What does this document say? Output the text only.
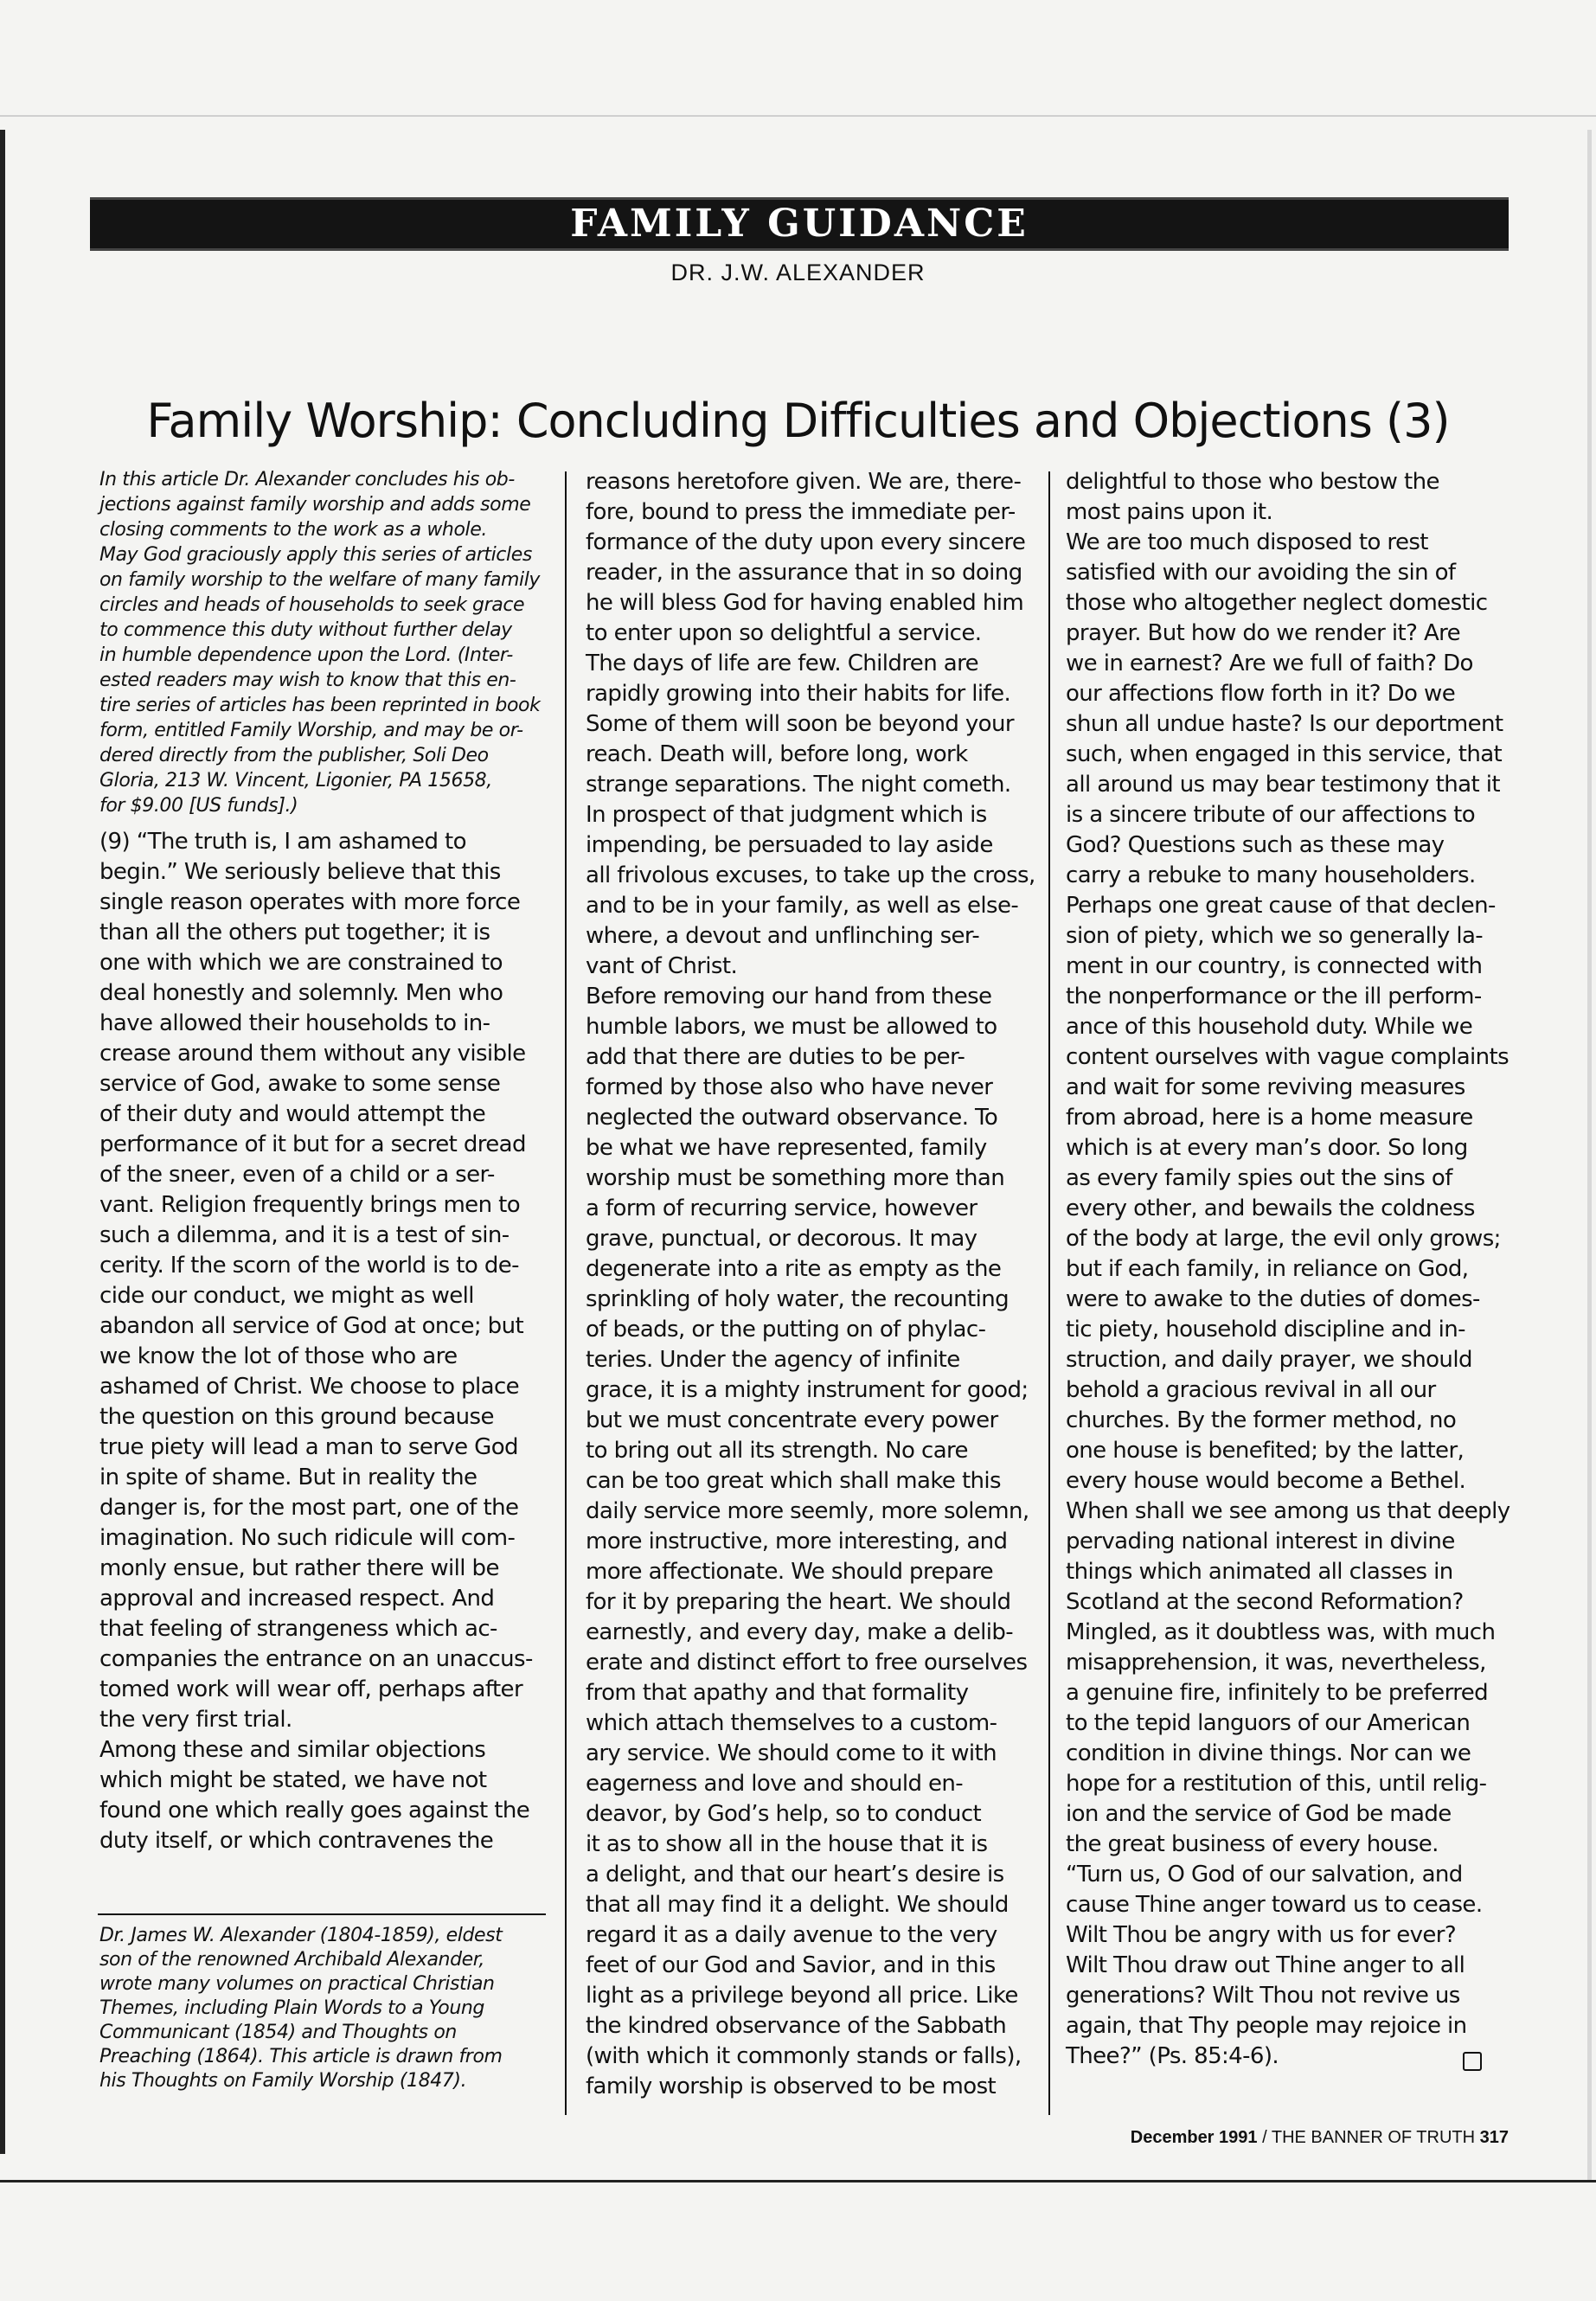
FAMILY GUIDANCE
DR. J.W. ALEXANDER
Family Worship: Concluding Difficulties and Objections (3)

In this article Dr. Alexander concludes his ob-
jections against family worship and adds some
closing comments to the work as a whole.
May God graciously apply this series of articles
on family worship to the welfare of many family
circles and heads of households to seek grace
to commence this duty without further delay
in humble dependence upon the Lord. (Inter-
ested readers may wish to know that this en-
tire series of articles has been reprinted in book
form, entitled Family Worship, and may be or-
dered directly from the publisher, Soli Deo
Gloria, 213 W. Vincent, Ligonier, PA 15658,
for $9.00 [US funds].)

(9) “The truth is, I am ashamed to
begin.” We seriously believe that this
single reason operates with more force
than all the others put together; it is
one with which we are constrained to
deal honestly and solemnly. Men who
have allowed their households to in-
crease around them without any visible
service of God, awake to some sense
of their duty and would attempt the
performance of it but for a secret dread
of the sneer, even of a child or a ser-
vant. Religion frequently brings men to
such a dilemma, and it is a test of sin-
cerity. If the scorn of the world is to de-
cide our conduct, we might as well
abandon all service of God at once; but
we know the lot of those who are
ashamed of Christ. We choose to place
the question on this ground because
true piety will lead a man to serve God
in spite of shame. But in reality the
danger is, for the most part, one of the
imagination. No such ridicule will com-
monly ensue, but rather there will be
approval and increased respect. And
that feeling of strangeness which ac-
companies the entrance on an unaccus-
tomed work will wear off, perhaps after
the very first trial.
Among these and similar objections
which might be stated, we have not
found one which really goes against the
duty itself, or which contravenes the

Dr. James W. Alexander (1804-1859), eldest
son of the renowned Archibald Alexander,
wrote many volumes on practical Christian
Themes, including Plain Words to a Young
Communicant (1854) and Thoughts on
Preaching (1864). This article is drawn from
his Thoughts on Family Worship (1847).

reasons heretofore given. We are, there-
fore, bound to press the immediate per-
formance of the duty upon every sincere
reader, in the assurance that in so doing
he will bless God for having enabled him
to enter upon so delightful a service.
The days of life are few. Children are
rapidly growing into their habits for life.
Some of them will soon be beyond your
reach. Death will, before long, work
strange separations. The night cometh.
In prospect of that judgment which is
impending, be persuaded to lay aside
all frivolous excuses, to take up the cross,
and to be in your family, as well as else-
where, a devout and unflinching ser-
vant of Christ.
Before removing our hand from these
humble labors, we must be allowed to
add that there are duties to be per-
formed by those also who have never
neglected the outward observance. To
be what we have represented, family
worship must be something more than
a form of recurring service, however
grave, punctual, or decorous. It may
degenerate into a rite as empty as the
sprinkling of holy water, the recounting
of beads, or the putting on of phylac-
teries. Under the agency of infinite
grace, it is a mighty instrument for good;
but we must concentrate every power
to bring out all its strength. No care
can be too great which shall make this
daily service more seemly, more solemn,
more instructive, more interesting, and
more affectionate. We should prepare
for it by preparing the heart. We should
earnestly, and every day, make a delib-
erate and distinct effort to free ourselves
from that apathy and that formality
which attach themselves to a custom-
ary service. We should come to it with
eagerness and love and should en-
deavor, by God’s help, so to conduct
it as to show all in the house that it is
a delight, and that our heart’s desire is
that all may find it a delight. We should
regard it as a daily avenue to the very
feet of our God and Savior, and in this
light as a privilege beyond all price. Like
the kindred observance of the Sabbath
(with which it commonly stands or falls),
family worship is observed to be most

delightful to those who bestow the
most pains upon it.
We are too much disposed to rest
satisfied with our avoiding the sin of
those who altogether neglect domestic
prayer. But how do we render it? Are
we in earnest? Are we full of faith? Do
our affections flow forth in it? Do we
shun all undue haste? Is our deportment
such, when engaged in this service, that
all around us may bear testimony that it
is a sincere tribute of our affections to
God? Questions such as these may
carry a rebuke to many householders.
Perhaps one great cause of that declen-
sion of piety, which we so generally la-
ment in our country, is connected with
the nonperformance or the ill perform-
ance of this household duty. While we
content ourselves with vague complaints
and wait for some reviving measures
from abroad, here is a home measure
which is at every man’s door. So long
as every family spies out the sins of
every other, and bewails the coldness
of the body at large, the evil only grows;
but if each family, in reliance on God,
were to awake to the duties of domes-
tic piety, household discipline and in-
struction, and daily prayer, we should
behold a gracious revival in all our
churches. By the former method, no
one house is benefited; by the latter,
every house would become a Bethel.
When shall we see among us that deeply
pervading national interest in divine
things which animated all classes in
Scotland at the second Reformation?
Mingled, as it doubtless was, with much
misapprehension, it was, nevertheless,
a genuine fire, infinitely to be preferred
to the tepid languors of our American
condition in divine things. Nor can we
hope for a restitution of this, until relig-
ion and the service of God be made
the great business of every house.
“Turn us, O God of our salvation, and
cause Thine anger toward us to cease.
Wilt Thou be angry with us for ever?
Wilt Thou draw out Thine anger to all
generations? Wilt Thou not revive us
again, that Thy people may rejoice in
Thee?” (Ps. 85:4-6).

December 1991 / THE BANNER OF TRUTH 317
